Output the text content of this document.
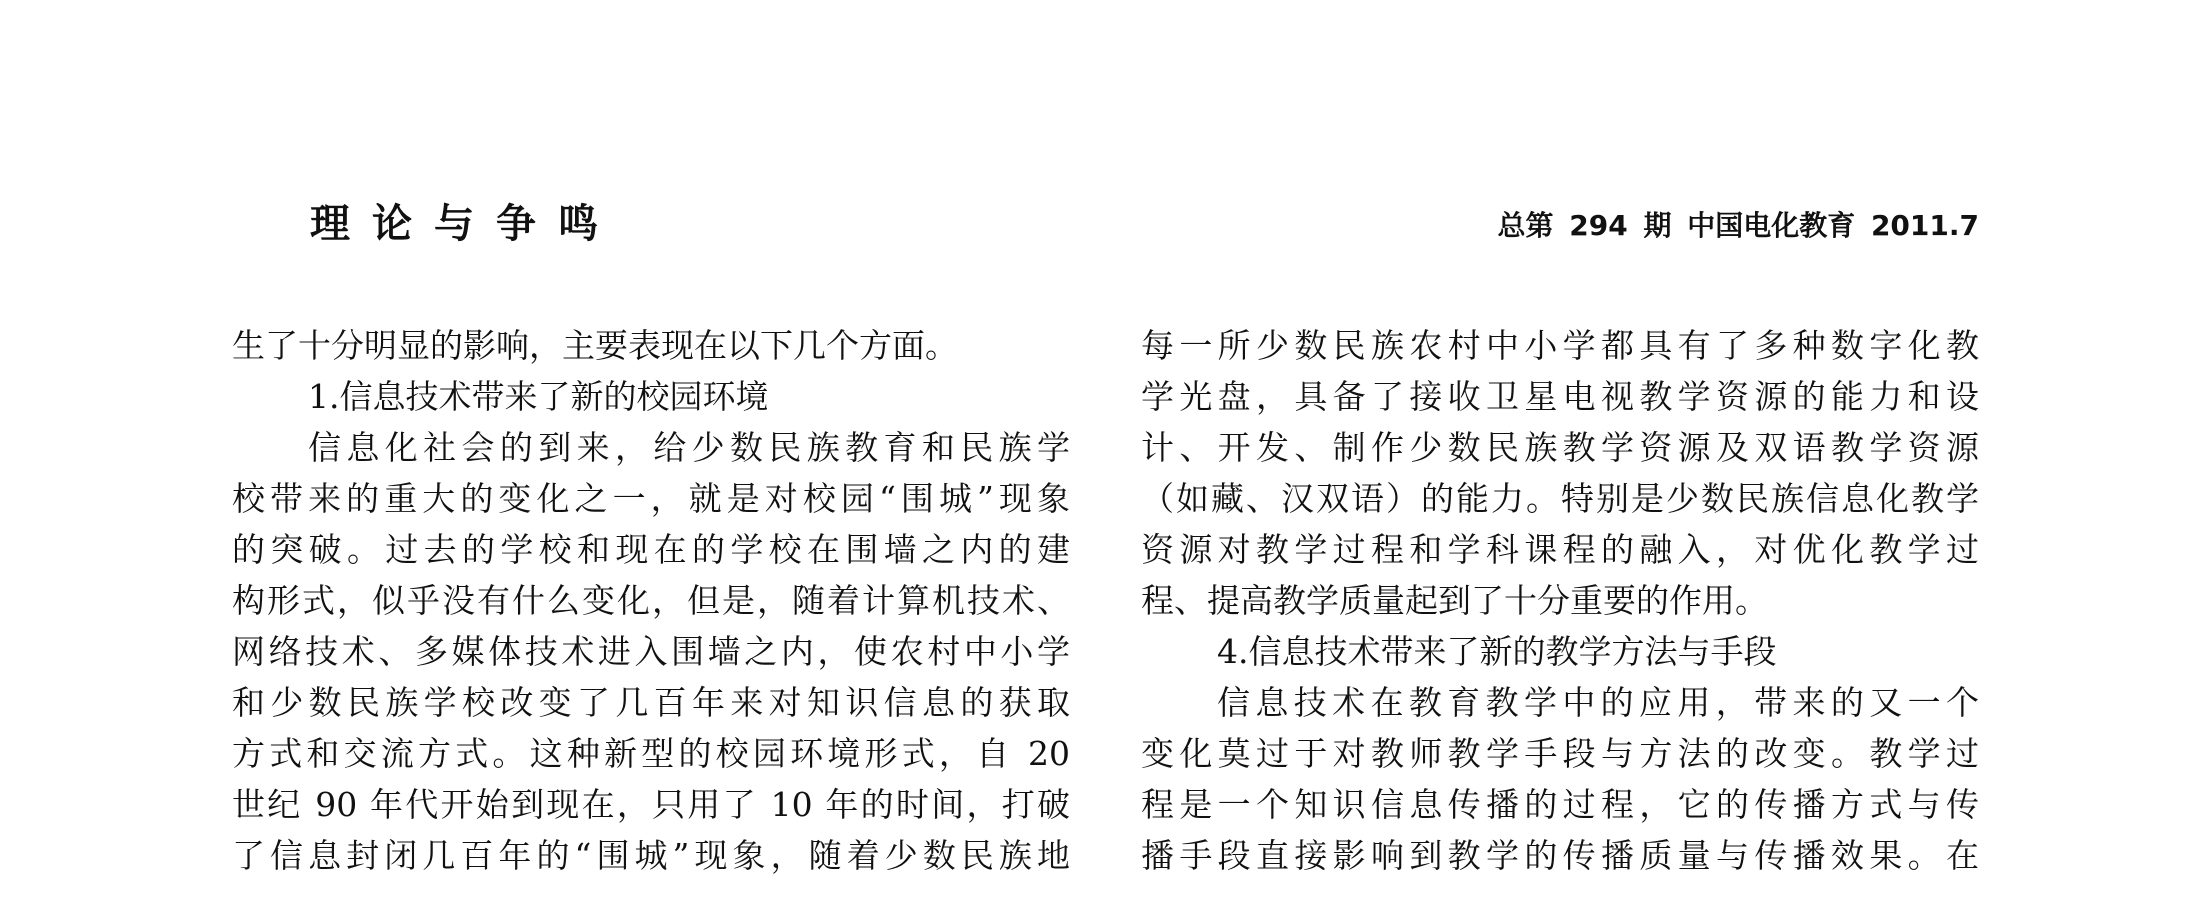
理论与争鸣	总第 294 期 中国电化教育 2011.7
生了十分明显的影响，主要表现在以下几个方面。
1.信息技术带来了新的校园环境
信息化社会的到来，给少数民族教育和民族学
校带来的重大的变化之一，就是对校园“围城”现象
的突破。过去的学校和现在的学校在围墙之内的建
构形式，似乎没有什么变化，但是，随着计算机技术、
网络技术、多媒体技术进入围墙之内，使农村中小学
和少数民族学校改变了几百年来对知识信息的获取
方式和交流方式。这种新型的校园环境形式，自 20
世纪 90 年代开始到现在，只用了 10 年的时间，打破
了信息封闭几百年的“围城”现象，随着少数民族地
每一所少数民族农村中小学都具有了多种数字化教
学光盘，具备了接收卫星电视教学资源的能力和设
计、开发、制作少数民族教学资源及双语教学资源
（如藏、汉双语）的能力。特别是少数民族信息化教学
资源对教学过程和学科课程的融入，对优化教学过
程、提高教学质量起到了十分重要的作用。
4.信息技术带来了新的教学方法与手段
信息技术在教育教学中的应用，带来的又一个
变化莫过于对教师教学手段与方法的改变。教学过
程是一个知识信息传播的过程，它的传播方式与传
播手段直接影响到教学的传播质量与传播效果。在
